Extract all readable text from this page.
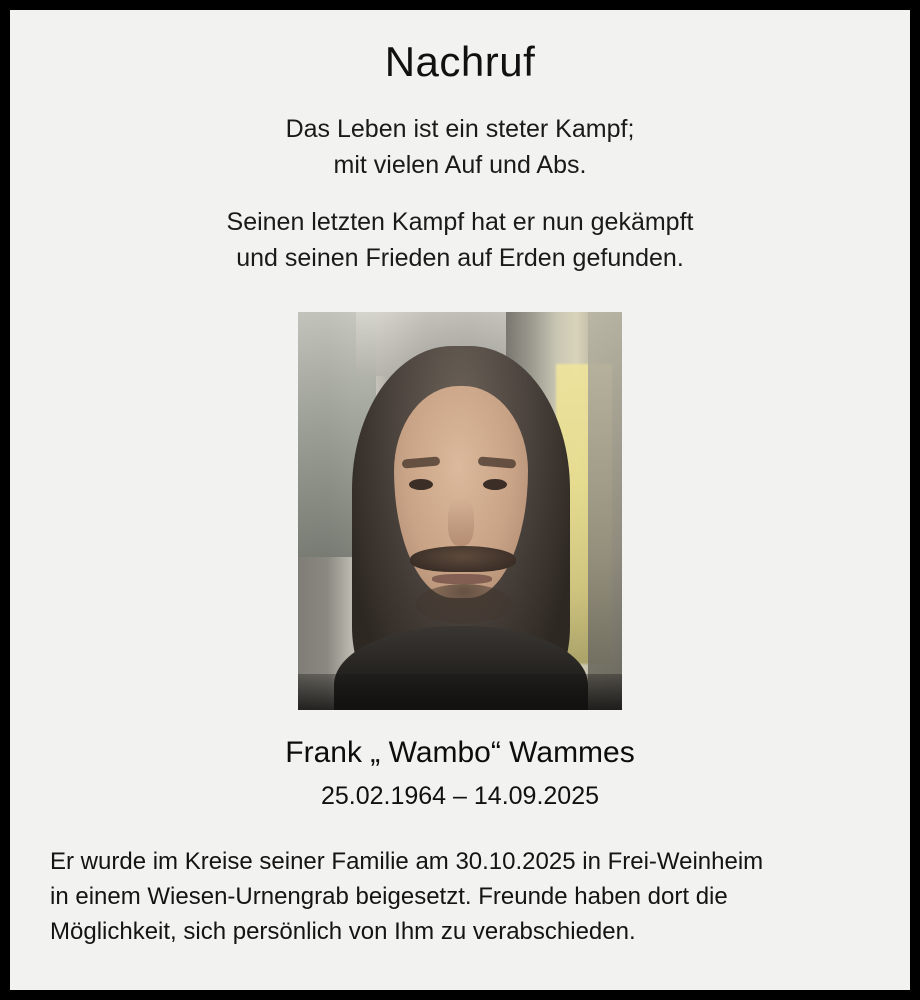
Nachruf
Das Leben ist ein steter Kampf;
mit vielen Auf und Abs.
Seinen letzten Kampf hat er nun gekämpft
und seinen Frieden auf Erden gefunden.
Frank „ Wambo“ Wammes
25.02.1964 – 14.09.2025
Er wurde im Kreise seiner Familie am 30.10.2025 in Frei-Weinheim
in einem Wiesen-Urnengrab beigesetzt. Freunde haben dort die
Möglichkeit, sich persönlich von Ihm zu verabschieden.
